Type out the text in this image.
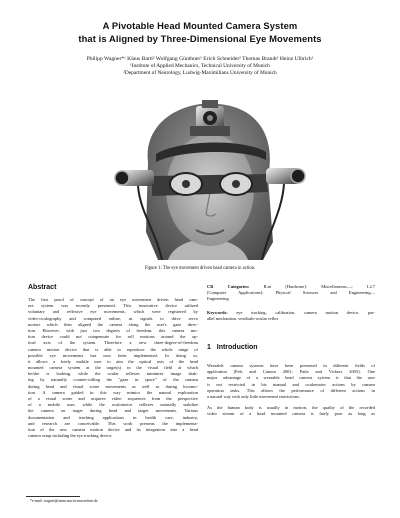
A Pivotable Head Mounted Camera System
that is Aligned by Three-Dimensional Eye Movements
Philipp Wagner*¹ Klaus Bartl² Wolfgang Günthner¹ Erich Schneider² Thomas Brandt² Heinz Ulbrich¹
¹Institute of Applied Mechanics, Technical University of Munich
²Department of Neurology, Ludwig-Maximilians University of Munich
Figure 1: The eye movement driven head camera in action.
Abstract
The first proof of concept of an eye movement driven head cam-
era system was recently presented. This innovative device utilized
voluntary and reflexive eye movements, which were registered by
video-oculography and computed online, as signals to drive servo
motors which then aligned the camera along the user's gaze direc-
tion. However, with just two degrees of freedom, this camera mo-
tion device could not compensate for roll motions around the op-
tical axis of the system. Therefore a new three-degree-of-freedom
camera motion device that is able to reproduce the whole range of
possible eye movements has now been implemented. In doing so,
it allows a freely mobile user to aim the optical axis of the head
mounted camera system at the target(s) in the visual field at which
he/she is looking, while the ocular reflexes minimize image shak-
ing by naturally counter-rolling the "gaze in space" of the camera
during head and visual scene movements as well as during locomo-
tion. A camera guided in this way mimics the natural exploration
of a visual scene and acquires video sequences from the perspective
of a mobile user, while the oculomotor reflexes naturally stabilize
the camera on target during head and target movements. Various
documentation and teaching applications in health care, industry,
and research are conceivable. This work presents the implementa-
tion of the new camera motion device and its integration into a head
camera setup including the eye tracking device.
CR Categories:	B.m [Hardware]: Miscellaneous—; I.2.7
[Computer Applications]: Physical Sciences and Engineering—
Engineering
Keywords: eye tracking, calibration, camera motion device, par-
allel mechanism, vestibulo-ocular reflex
1 Introduction
Wearable camera systems have been presented in different fields of
application [Fels and Canosa 2001; Patla and Vickers 2003]. One
major advantage of a wearable head camera system is that the user
is not restricted in his manual and oculomotor actions by camera
operation tasks. This allows the performance of different actions in
a natural way with only little movement restrictions.
As the human body is usually in motion, the quality of the recorded
video stream of a head mounted camera is fairly poor as long as
*e-mail: wagner@amm.mw.tu-muenchen.de
